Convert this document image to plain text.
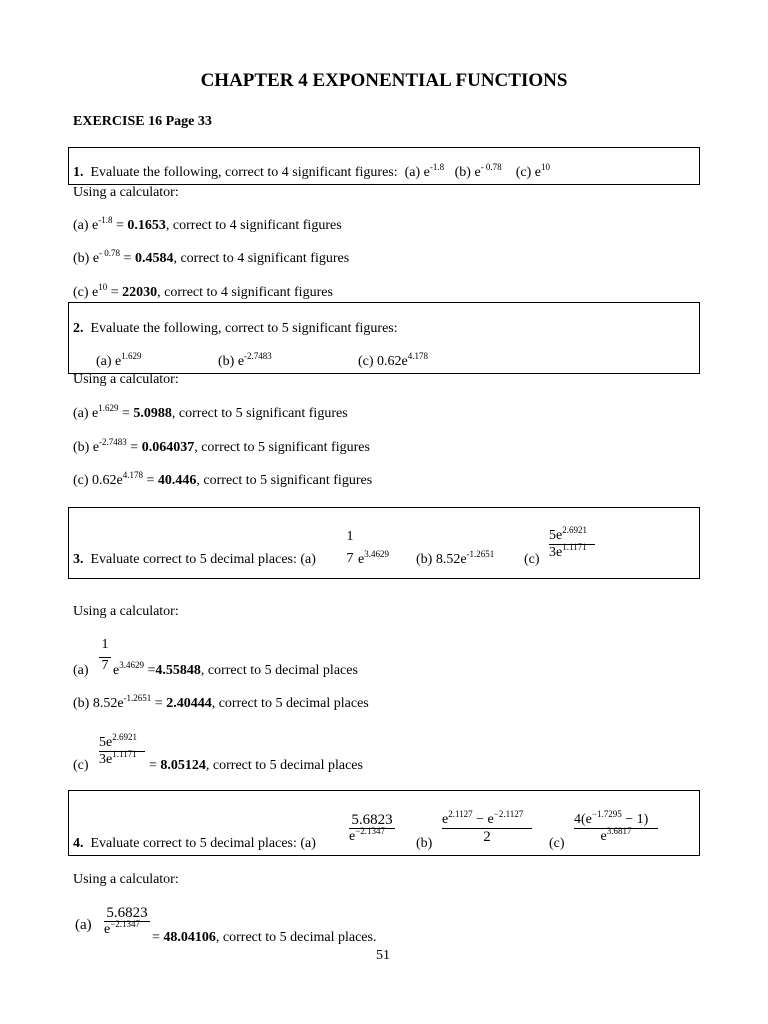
CHAPTER 4 EXPONENTIAL FUNCTIONS
EXERCISE 16 Page 33
1. Evaluate the following, correct to 4 significant figures: (a) $e^{-1.8}$ (b) $e^{- 0.78}$ (c) $e^{10}$
Using a calculator:
(a) $e^{-1.8} = 0.1653$, correct to 4 significant figures
(b) $e^{- 0.78} = 0.4584$, correct to 4 significant figures
(c) $e^{10} = 22030$, correct to 4 significant figures
2. Evaluate the following, correct to 5 significant figures:
(a) $e^{1.629}$	(b) $e^{-2.7483}$	(c) $0.62e^{4.178}$
Using a calculator:
(a) $e^{1.629} = 5.0988$, correct to 5 significant figures
(b) $e^{-2.7483} = 0.064037$, correct to 5 significant figures
(c) $0.62e^{4.178} = 40.446$, correct to 5 significant figures
3. Evaluate correct to 5 decimal places: (a)
1
7 $e^{3.4629}$ (b) $8.52e^{-1.2651}$ (c)
$5e^{2.6921}$
$3e^{1.1171}$
Using a calculator:
1
7
(a) $e^{3.4629} =4.55848$, correct to 5 decimal places
(b) $8.52e^{-1.2651} = 2.40444$, correct to 5 decimal places
$5e^{2.6921}$
$3e^{1.1171}$
(c)	= 8.05124, correct to 5 decimal places
4. Evaluate correct to 5 decimal places: (a)
5.6823
$e^{-2.1347}$
(b)
$e^{2.1127} - e^{-2.1127}$
2	(c)
$4(e^{-1.7295} - 1)$
$e^{3.6817}$
Using a calculator:
(a)
5.6823
$e^{-2.1347}$
= 48.04106, correct to 5 decimal places.
51
